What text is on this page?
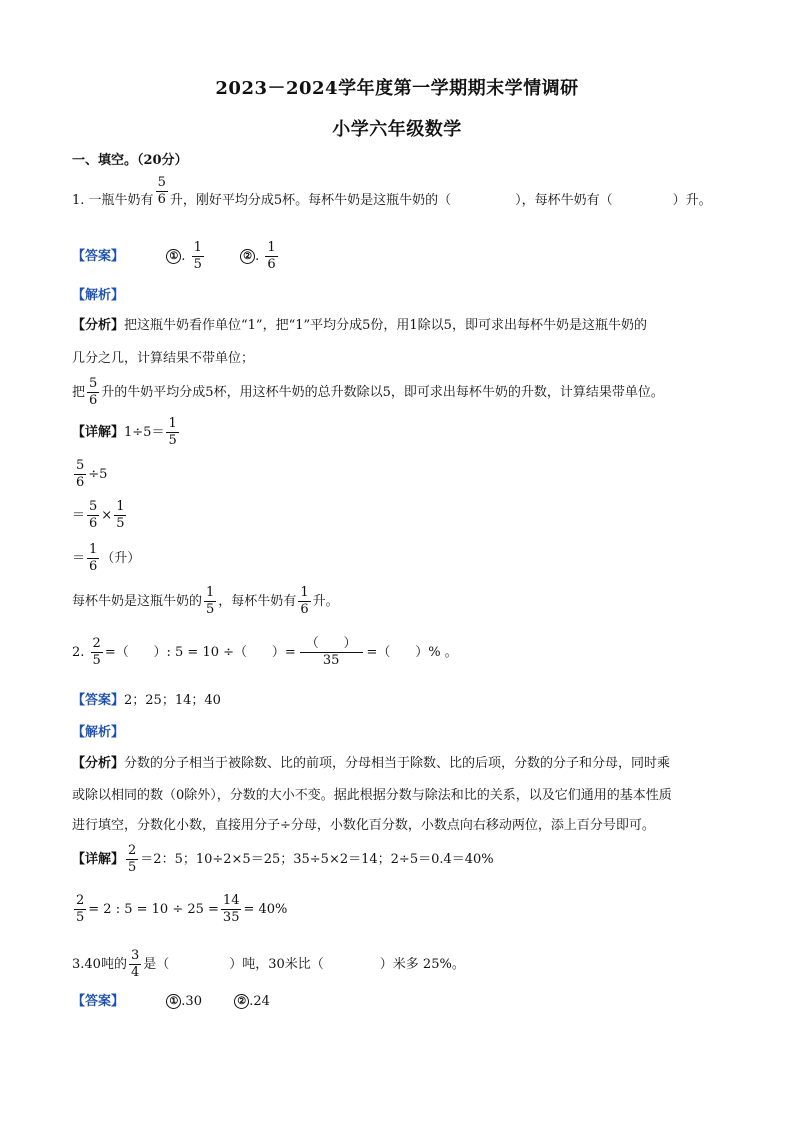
2023－2024学年度第一学期期末学情调研
小学六年级数学
一、填空。（20分）
1. 一瓶牛奶有 $\frac{5}{6}$ 升，刚好平均分成5杯。每杯牛奶是这瓶牛奶的（	），每杯牛奶有（	）升。
【答案】	① . $\frac{1}{5}$	② . $\frac{1}{6}$
【解析】
【分析】把这瓶牛奶看作单位“1”，把“1”平均分成5份，用1除以5，即可求出每杯牛奶是这瓶牛奶的
几分之几，计算结果不带单位；
把 $\frac{5}{6}$ 升的牛奶平均分成5杯，用这杯牛奶的总升数除以5，即可求出每杯牛奶的升数，计算结果带单位。
【详解】$1\div 5= \frac{1}{5}$
$\frac{5}{6} \div 5$
＝ $\frac{5}{6} \times \frac{1}{5}$
＝ $\frac{1}{6}$ （升）
每杯牛奶是这瓶牛奶的 $\frac{1}{5}$ ，每杯牛奶有 $\frac{1}{6}$ 升。
2. $\frac{2}{5}$ =（      ）: 5 = 10 ÷（      ）= $\frac{( )}{35}$ =（      ）% 。
【答案】2；25；14；40
【解析】
【分析】分数的分子相当于被除数、比的前项，分母相当于除数、比的后项，分数的分子和分母，同时乘
或除以相同的数（0除外），分数的大小不变。据此根据分数与除法和比的关系，以及它们通用的基本性质
进行填空，分数化小数，直接用分子÷分母，小数化百分数，小数点向右移动两位，添上百分号即可。
【详解】 $\frac{2}{5} =2$：5；10÷2×5＝25；35÷5×2＝14；2÷5＝0.4＝40%
$\frac{2}{5} = 2$ : $5 = 10 \div 25 = \frac{14}{35} = 40\%$
3.40吨的 $\frac{3}{4}$ 是（	）吨，30米比（	）米多 25%。
【答案】	① .30	② .24
